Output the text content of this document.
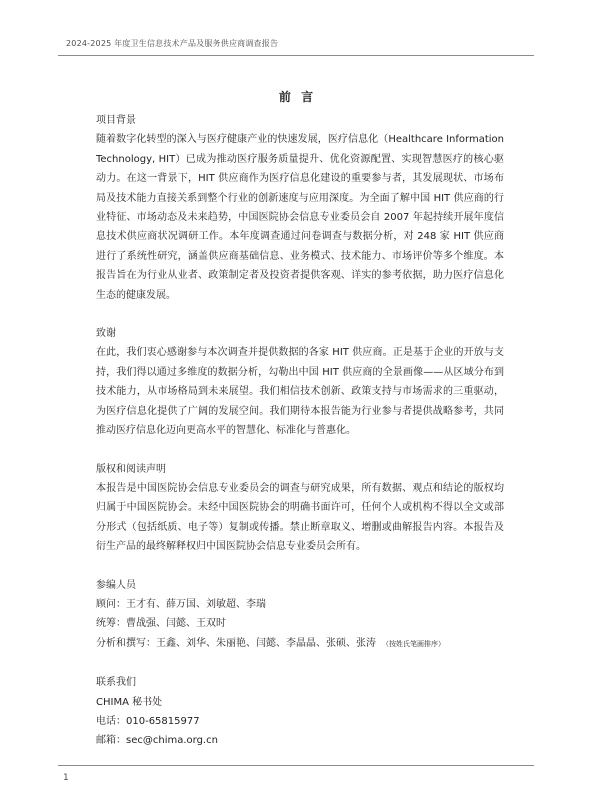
2024-2025 年度卫生信息技术产品及服务供应商调查报告
前 言
项目背景

随着数字化转型的深入与医疗健康产业的快速发展，医疗信息化（Healthcare Information Technology, HIT）已成为推动医疗服务质量提升、优化资源配置、实现智慧医疗的核心驱动力。在这一背景下，HIT 供应商作为医疗信息化建设的重要参与者，其发展现状、市场布局及技术能力直接关系到整个行业的创新速度与应用深度。为全面了解中国 HIT 供应商的行业特征、市场动态及未来趋势，中国医院协会信息专业委员会自 2007 年起持续开展年度信息技术供应商状况调研工作。本年度调查通过问卷调查与数据分析，对 248 家 HIT 供应商进行了系统性研究，涵盖供应商基础信息、业务模式、技术能力、市场评价等多个维度。本报告旨在为行业从业者、政策制定者及投资者提供客观、详实的参考依据，助力医疗信息化生态的健康发展。

致谢

在此，我们衷心感谢参与本次调查并提供数据的各家 HIT 供应商。正是基于企业的开放与支持，我们得以通过多维度的数据分析，勾勒出中国 HIT 供应商的全景画像——从区域分布到技术能力，从市场格局到未来展望。我们相信技术创新、政策支持与市场需求的三重驱动，为医疗信息化提供了广阔的发展空间。我们期待本报告能为行业参与者提供战略参考，共同推动医疗信息化迈向更高水平的智慧化、标准化与普惠化。

版权和阅读声明

本报告是中国医院协会信息专业委员会的调查与研究成果，所有数据、观点和结论的版权均归属于中国医院协会。未经中国医院协会的明确书面许可，任何个人或机构不得以全文或部分形式（包括纸质、电子等）复制或传播。禁止断章取义、增删或曲解报告内容。本报告及衍生产品的最终解释权归中国医院协会信息专业委员会所有。

参编人员
顾问：王才有、薛万国、刘敏超、李瑞
统筹：曹战强、闫懿、王双时
分析和撰写：王鑫、刘华、朱丽艳、闫懿、李晶晶、张硕、张涛 （按姓氏笔画排序）
联系我们
CHIMA 秘书处
电话：010-65815977
邮箱：sec@chima.org.cn
1
